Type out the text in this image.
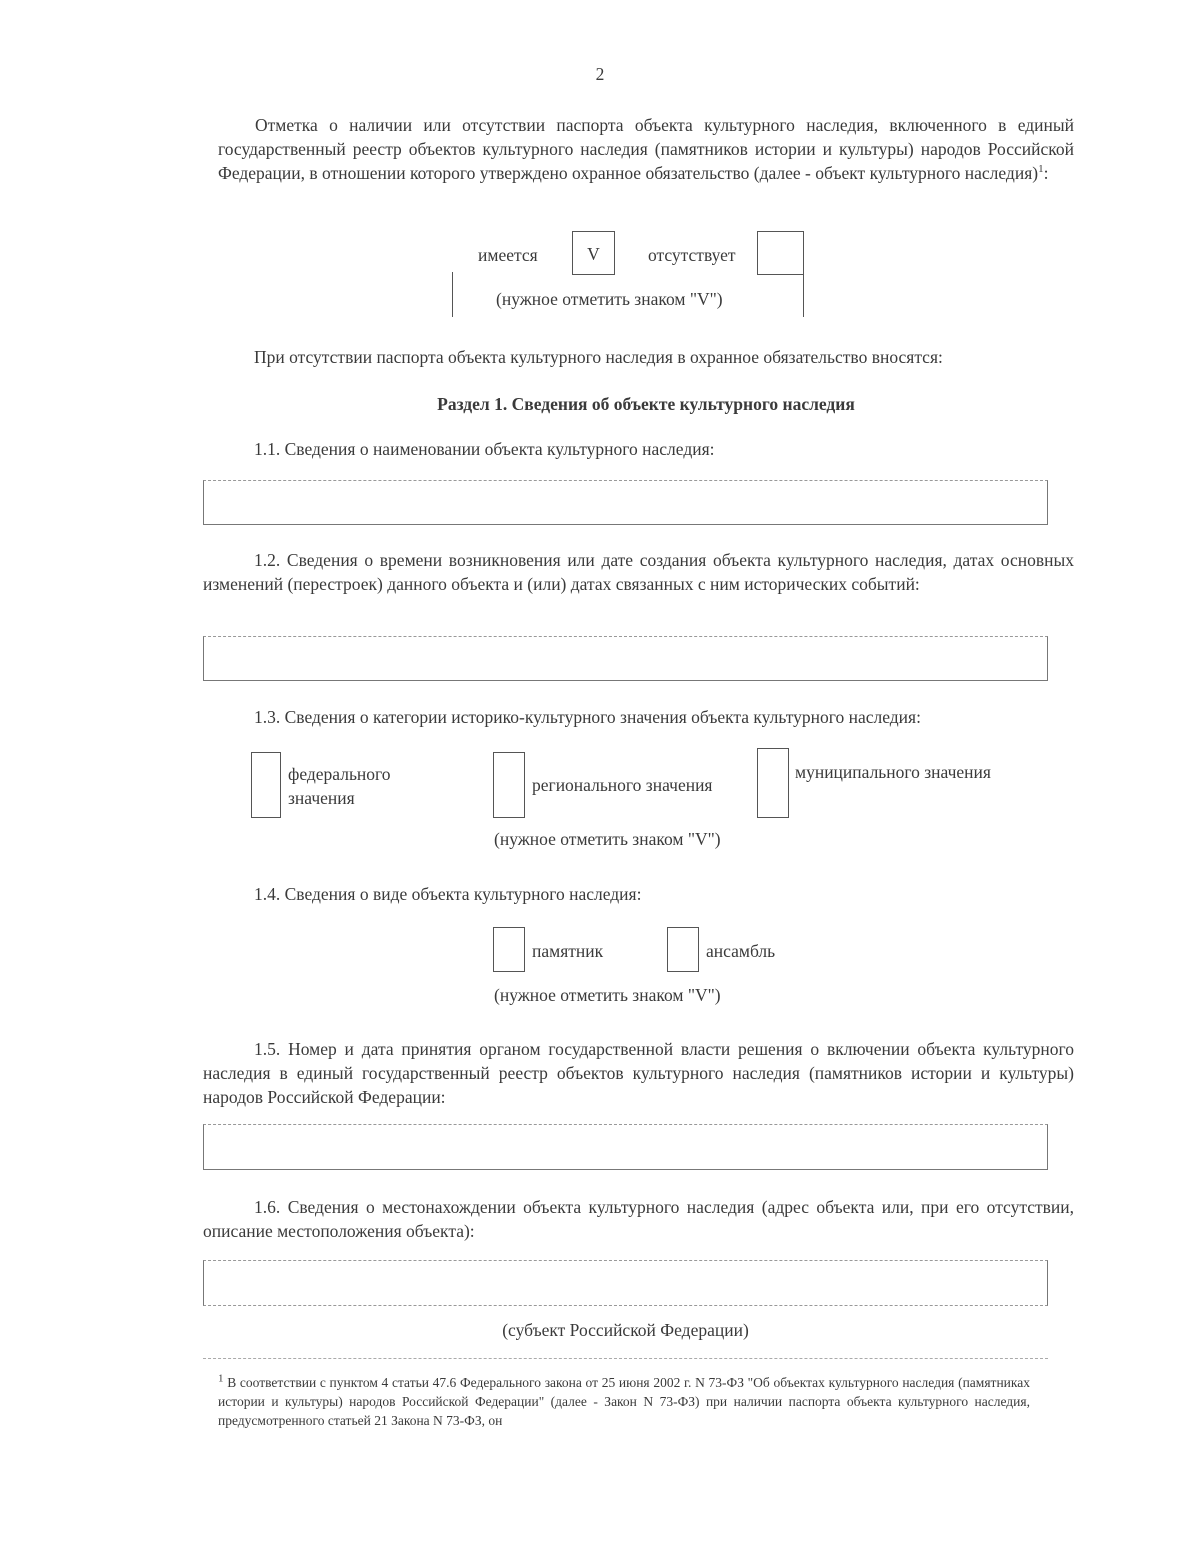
2
Отметка о наличии или отсутствии паспорта объекта культурного наследия, включенного в единый государственный реестр объектов культурного наследия (памятников истории и культуры) народов Российской Федерации, в отношении которого утверждено охранное обязательство (далее - объект культурного наследия)$^1$:
имеется	V	отсутствует
(нужное отметить знаком "V")
При отсутствии паспорта объекта культурного наследия в охранное обязательство вносятся:
Раздел 1. Сведения об объекте культурного наследия
1.1. Сведения о наименовании объекта культурного наследия:
1.2. Сведения о времени возникновения или дате создания объекта культурного наследия, датах основных изменений (перестроек) данного объекта и (или) датах связанных с ним исторических событий:
1.3. Сведения о категории историко-культурного значения объекта культурного наследия:
федерального значения
регионального значения
муниципального значения
(нужное отметить знаком "V")
1.4. Сведения о виде объекта культурного наследия:
памятник	ансамбль
(нужное отметить знаком "V")
1.5. Номер и дата принятия органом государственной власти решения о включении объекта культурного наследия в единый государственный реестр объектов культурного наследия (памятников истории и культуры) народов Российской Федерации:
1.6. Сведения о местонахождении объекта культурного наследия (адрес объекта или, при его отсутствии, описание местоположения объекта):
(субъект Российской Федерации)
$^1$ В соответствии с пунктом 4 статьи 47.6 Федерального закона от 25 июня 2002 г. N 73-ФЗ "Об объектах культурного наследия (памятниках истории и культуры) народов Российской Федерации" (далее - Закон N 73-ФЗ) при наличии паспорта объекта культурного наследия, предусмотренного статьей 21 Закона N 73-ФЗ, он
